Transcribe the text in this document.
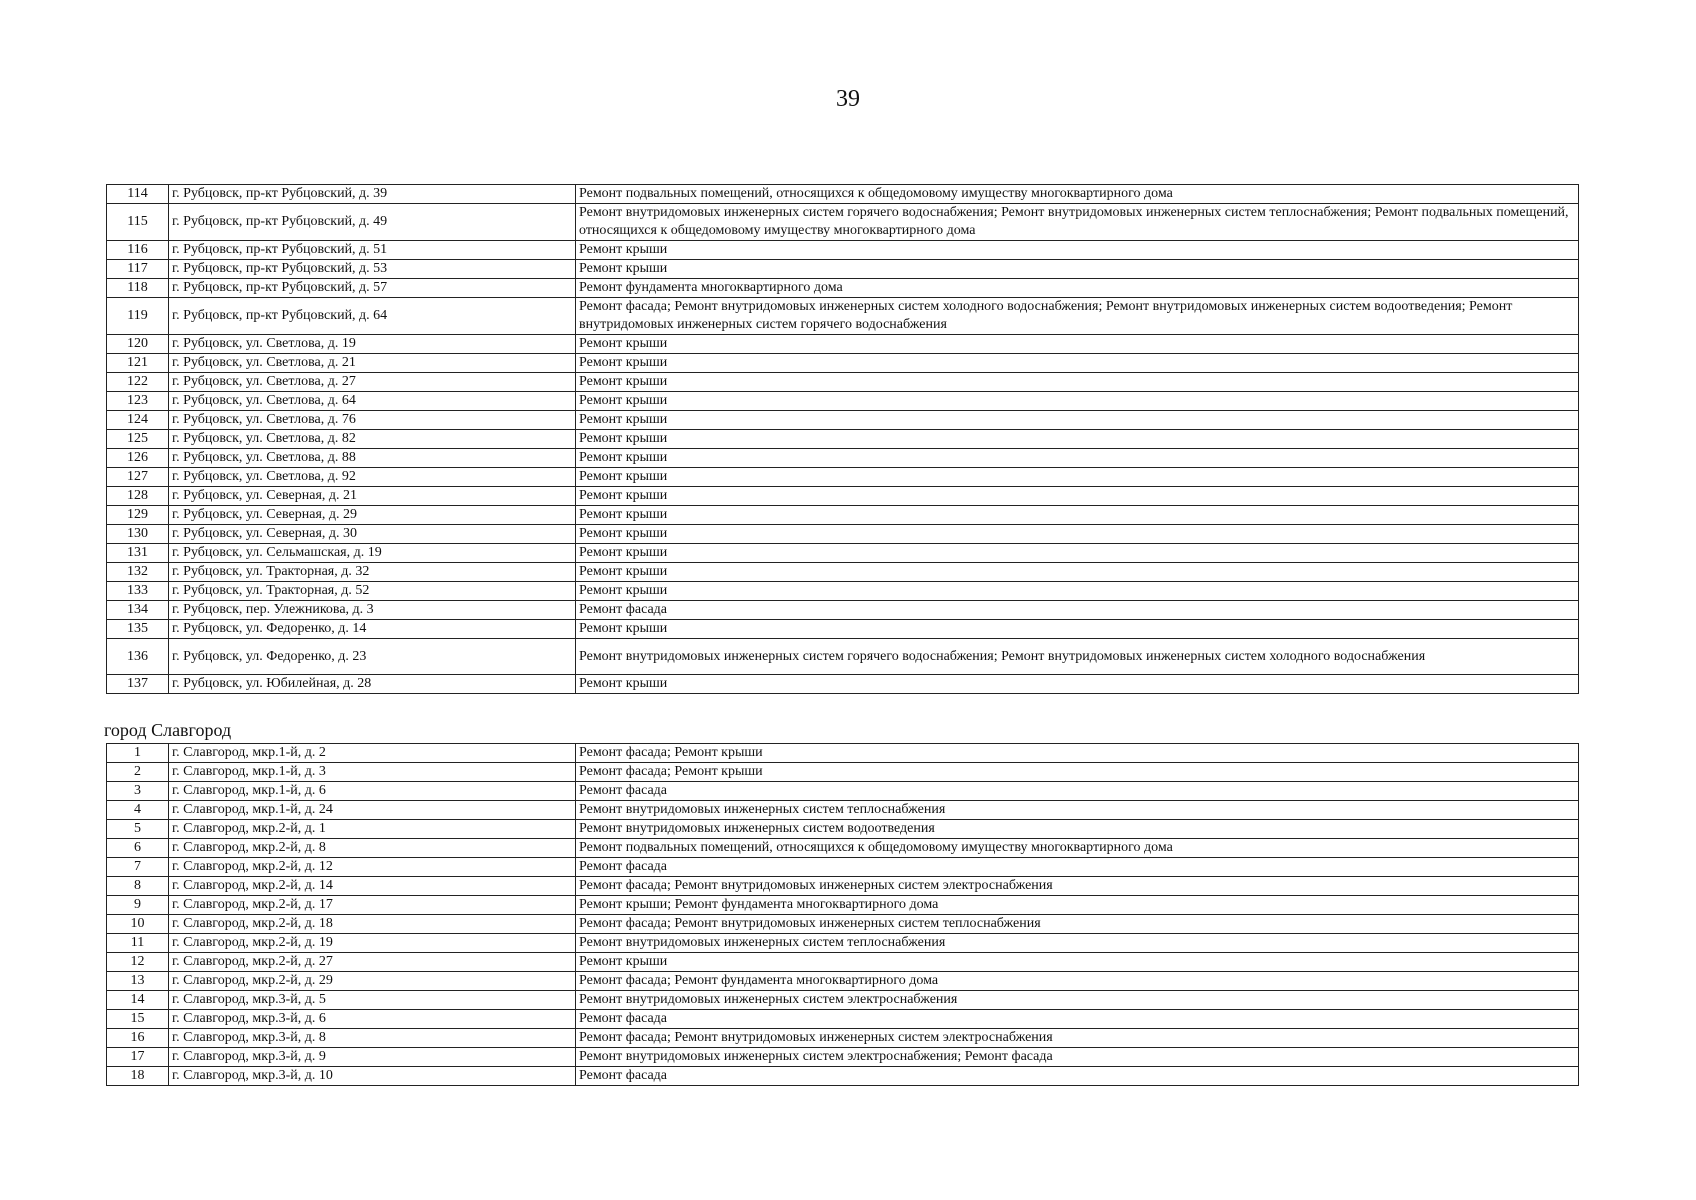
39
114	г. Рубцовск, пр-кт Рубцовский, д. 39	Ремонт подвальных помещений, относящихся к общедомовому имуществу многоквартирного дома
115	г. Рубцовск, пр-кт Рубцовский, д. 49	Ремонт внутридомовых инженерных систем горячего водоснабжения; Ремонт внутридомовых инженерных систем теплоснабжения; Ремонт подвальных помещений, относящихся к общедомовому имуществу многоквартирного дома
116	г. Рубцовск, пр-кт Рубцовский, д. 51	Ремонт крыши
117	г. Рубцовск, пр-кт Рубцовский, д. 53	Ремонт крыши
118	г. Рубцовск, пр-кт Рубцовский, д. 57	Ремонт фундамента многоквартирного дома
119	г. Рубцовск, пр-кт Рубцовский, д. 64	Ремонт фасада; Ремонт внутридомовых инженерных систем холодного водоснабжения; Ремонт внутридомовых инженерных систем водоотведения; Ремонт внутридомовых инженерных систем горячего водоснабжения
120	г. Рубцовск, ул. Светлова, д. 19	Ремонт крыши
121	г. Рубцовск, ул. Светлова, д. 21	Ремонт крыши
122	г. Рубцовск, ул. Светлова, д. 27	Ремонт крыши
123	г. Рубцовск, ул. Светлова, д. 64	Ремонт крыши
124	г. Рубцовск, ул. Светлова, д. 76	Ремонт крыши
125	г. Рубцовск, ул. Светлова, д. 82	Ремонт крыши
126	г. Рубцовск, ул. Светлова, д. 88	Ремонт крыши
127	г. Рубцовск, ул. Светлова, д. 92	Ремонт крыши
128	г. Рубцовск, ул. Северная, д. 21	Ремонт крыши
129	г. Рубцовск, ул. Северная, д. 29	Ремонт крыши
130	г. Рубцовск, ул. Северная, д. 30	Ремонт крыши
131	г. Рубцовск, ул. Сельмашская, д. 19	Ремонт крыши
132	г. Рубцовск, ул. Тракторная, д. 32	Ремонт крыши
133	г. Рубцовск, ул. Тракторная, д. 52	Ремонт крыши
134	г. Рубцовск, пер. Улежникова, д. 3	Ремонт фасада
135	г. Рубцовск, ул. Федоренко, д. 14	Ремонт крыши
136	г. Рубцовск, ул. Федоренко, д. 23	Ремонт внутридомовых инженерных систем горячего водоснабжения; Ремонт внутридомовых инженерных систем холодного водоснабжения
137	г. Рубцовск, ул. Юбилейная, д. 28	Ремонт крыши
город Славгород
1	г. Славгород, мкр.1-й, д. 2	Ремонт фасада; Ремонт крыши
2	г. Славгород, мкр.1-й, д. 3	Ремонт фасада; Ремонт крыши
3	г. Славгород, мкр.1-й, д. 6	Ремонт фасада
4	г. Славгород, мкр.1-й, д. 24	Ремонт внутридомовых инженерных систем теплоснабжения
5	г. Славгород, мкр.2-й, д. 1	Ремонт внутридомовых инженерных систем водоотведения
6	г. Славгород, мкр.2-й, д. 8	Ремонт подвальных помещений, относящихся к общедомовому имуществу многоквартирного дома
7	г. Славгород, мкр.2-й, д. 12	Ремонт фасада
8	г. Славгород, мкр.2-й, д. 14	Ремонт фасада; Ремонт внутридомовых инженерных систем электроснабжения
9	г. Славгород, мкр.2-й, д. 17	Ремонт крыши; Ремонт фундамента многоквартирного дома
10	г. Славгород, мкр.2-й, д. 18	Ремонт фасада; Ремонт внутридомовых инженерных систем теплоснабжения
11	г. Славгород, мкр.2-й, д. 19	Ремонт внутридомовых инженерных систем теплоснабжения
12	г. Славгород, мкр.2-й, д. 27	Ремонт крыши
13	г. Славгород, мкр.2-й, д. 29	Ремонт фасада; Ремонт фундамента многоквартирного дома
14	г. Славгород, мкр.3-й, д. 5	Ремонт внутридомовых инженерных систем электроснабжения
15	г. Славгород, мкр.3-й, д. 6	Ремонт фасада
16	г. Славгород, мкр.3-й, д. 8	Ремонт фасада; Ремонт внутридомовых инженерных систем электроснабжения
17	г. Славгород, мкр.3-й, д. 9	Ремонт внутридомовых инженерных систем электроснабжения; Ремонт фасада
18	г. Славгород, мкр.3-й, д. 10	Ремонт фасада
